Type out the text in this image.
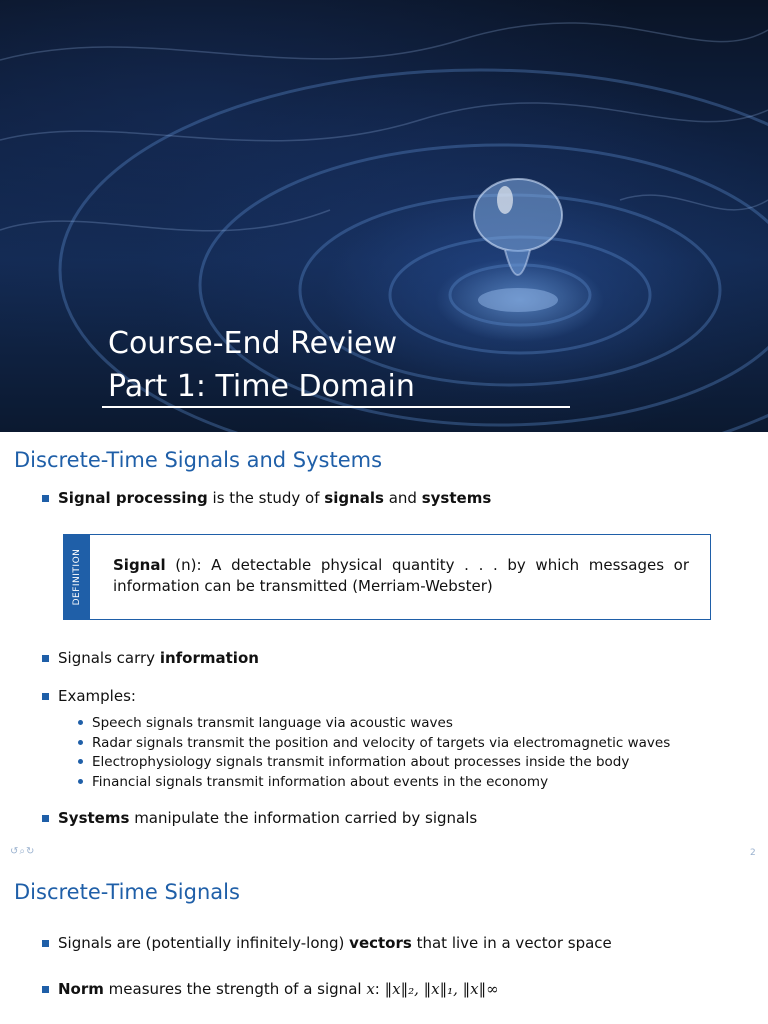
Course-End Review
Part 1: Time Domain
Discrete-Time Signals and Systems
Signal processing is the study of signals and systems
DEFINITION Signal (n): A detectable physical quantity . . . by which messages or information can be transmitted (Merriam-Webster)
Signals carry information
Examples:
Speech signals transmit language via acoustic waves
Radar signals transmit the position and velocity of targets via electromagnetic waves
Electrophysiology signals transmit information about processes inside the body
Financial signals transmit information about events in the economy
Systems manipulate the information carried by signals
↺⌕↻	2
Discrete-Time Signals
Signals are (potentially infinitely-long) vectors that live in a vector space
Norm measures the strength of a signal x: ‖x‖₂, ‖x‖₁, ‖x‖∞
